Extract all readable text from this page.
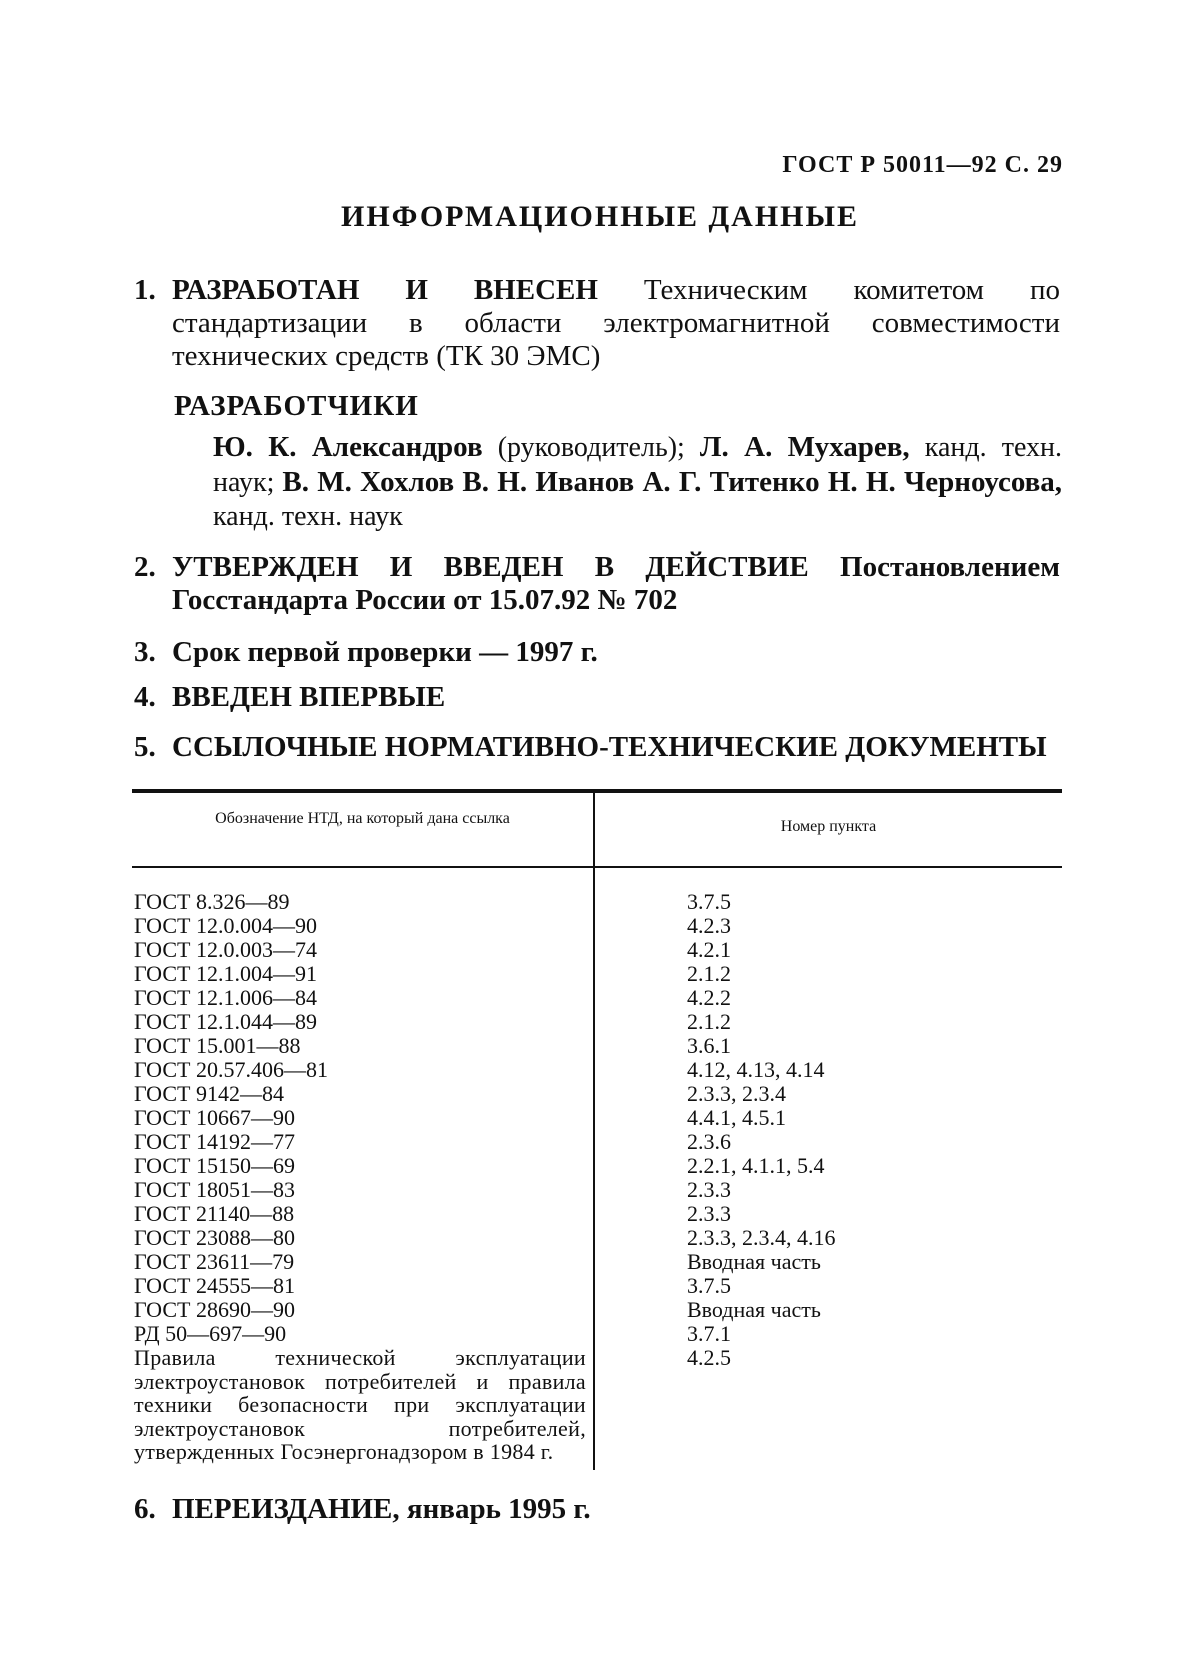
ГОСТ Р 50011—92 С. 29
ИНФОРМАЦИОННЫЕ ДАННЫЕ
1. РАЗРАБОТАН И ВНЕСЕН Техническим комитетом по стандартизации в области электромагнитной совместимости технических средств (ТК 30 ЭМС)
РАЗРАБОТЧИКИ
Ю. К. Александров (руководитель); Л. А. Мухарев, канд. техн. наук; В. М. Хохлов В. Н. Иванов А. Г. Титенко Н. Н. Черноусова, канд. техн. наук
2. УТВЕРЖДЕН И ВВЕДЕН В ДЕЙСТВИЕ Постановлением Госстандарта России от 15.07.92 № 702
3. Срок первой проверки — 1997 г.
4. ВВЕДЕН ВПЕРВЫЕ
5. ССЫЛОЧНЫЕ НОРМАТИВНО-ТЕХНИЧЕСКИЕ ДОКУМЕНТЫ
Обозначение НТД, на который дана ссылка	Номер пункта
ГОСТ 8.326—89
ГОСТ 12.0.004—90
ГОСТ 12.0.003—74
ГОСТ 12.1.004—91
ГОСТ 12.1.006—84
ГОСТ 12.1.044—89
ГОСТ 15.001—88
ГОСТ 20.57.406—81
ГОСТ 9142—84
ГОСТ 10667—90
ГОСТ 14192—77
ГОСТ 15150—69
ГОСТ 18051—83
ГОСТ 21140—88
ГОСТ 23088—80
ГОСТ 23611—79
ГОСТ 24555—81
ГОСТ 28690—90
РД 50—697—90
Правила технической эксплуатации электроустановок потребителей и правила техники безопасности при эксплуатации электроустановок потребителей, утвержденных Госэнергонадзором в 1984 г.
3.7.5
4.2.3
4.2.1
2.1.2
4.2.2
2.1.2
3.6.1
4.12, 4.13, 4.14
2.3.3, 2.3.4
4.4.1, 4.5.1
2.3.6
2.2.1, 4.1.1, 5.4
2.3.3
2.3.3
2.3.3, 2.3.4, 4.16
Вводная часть
3.7.5
Вводная часть
3.7.1
4.2.5
6. ПЕРЕИЗДАНИЕ, январь 1995 г.
